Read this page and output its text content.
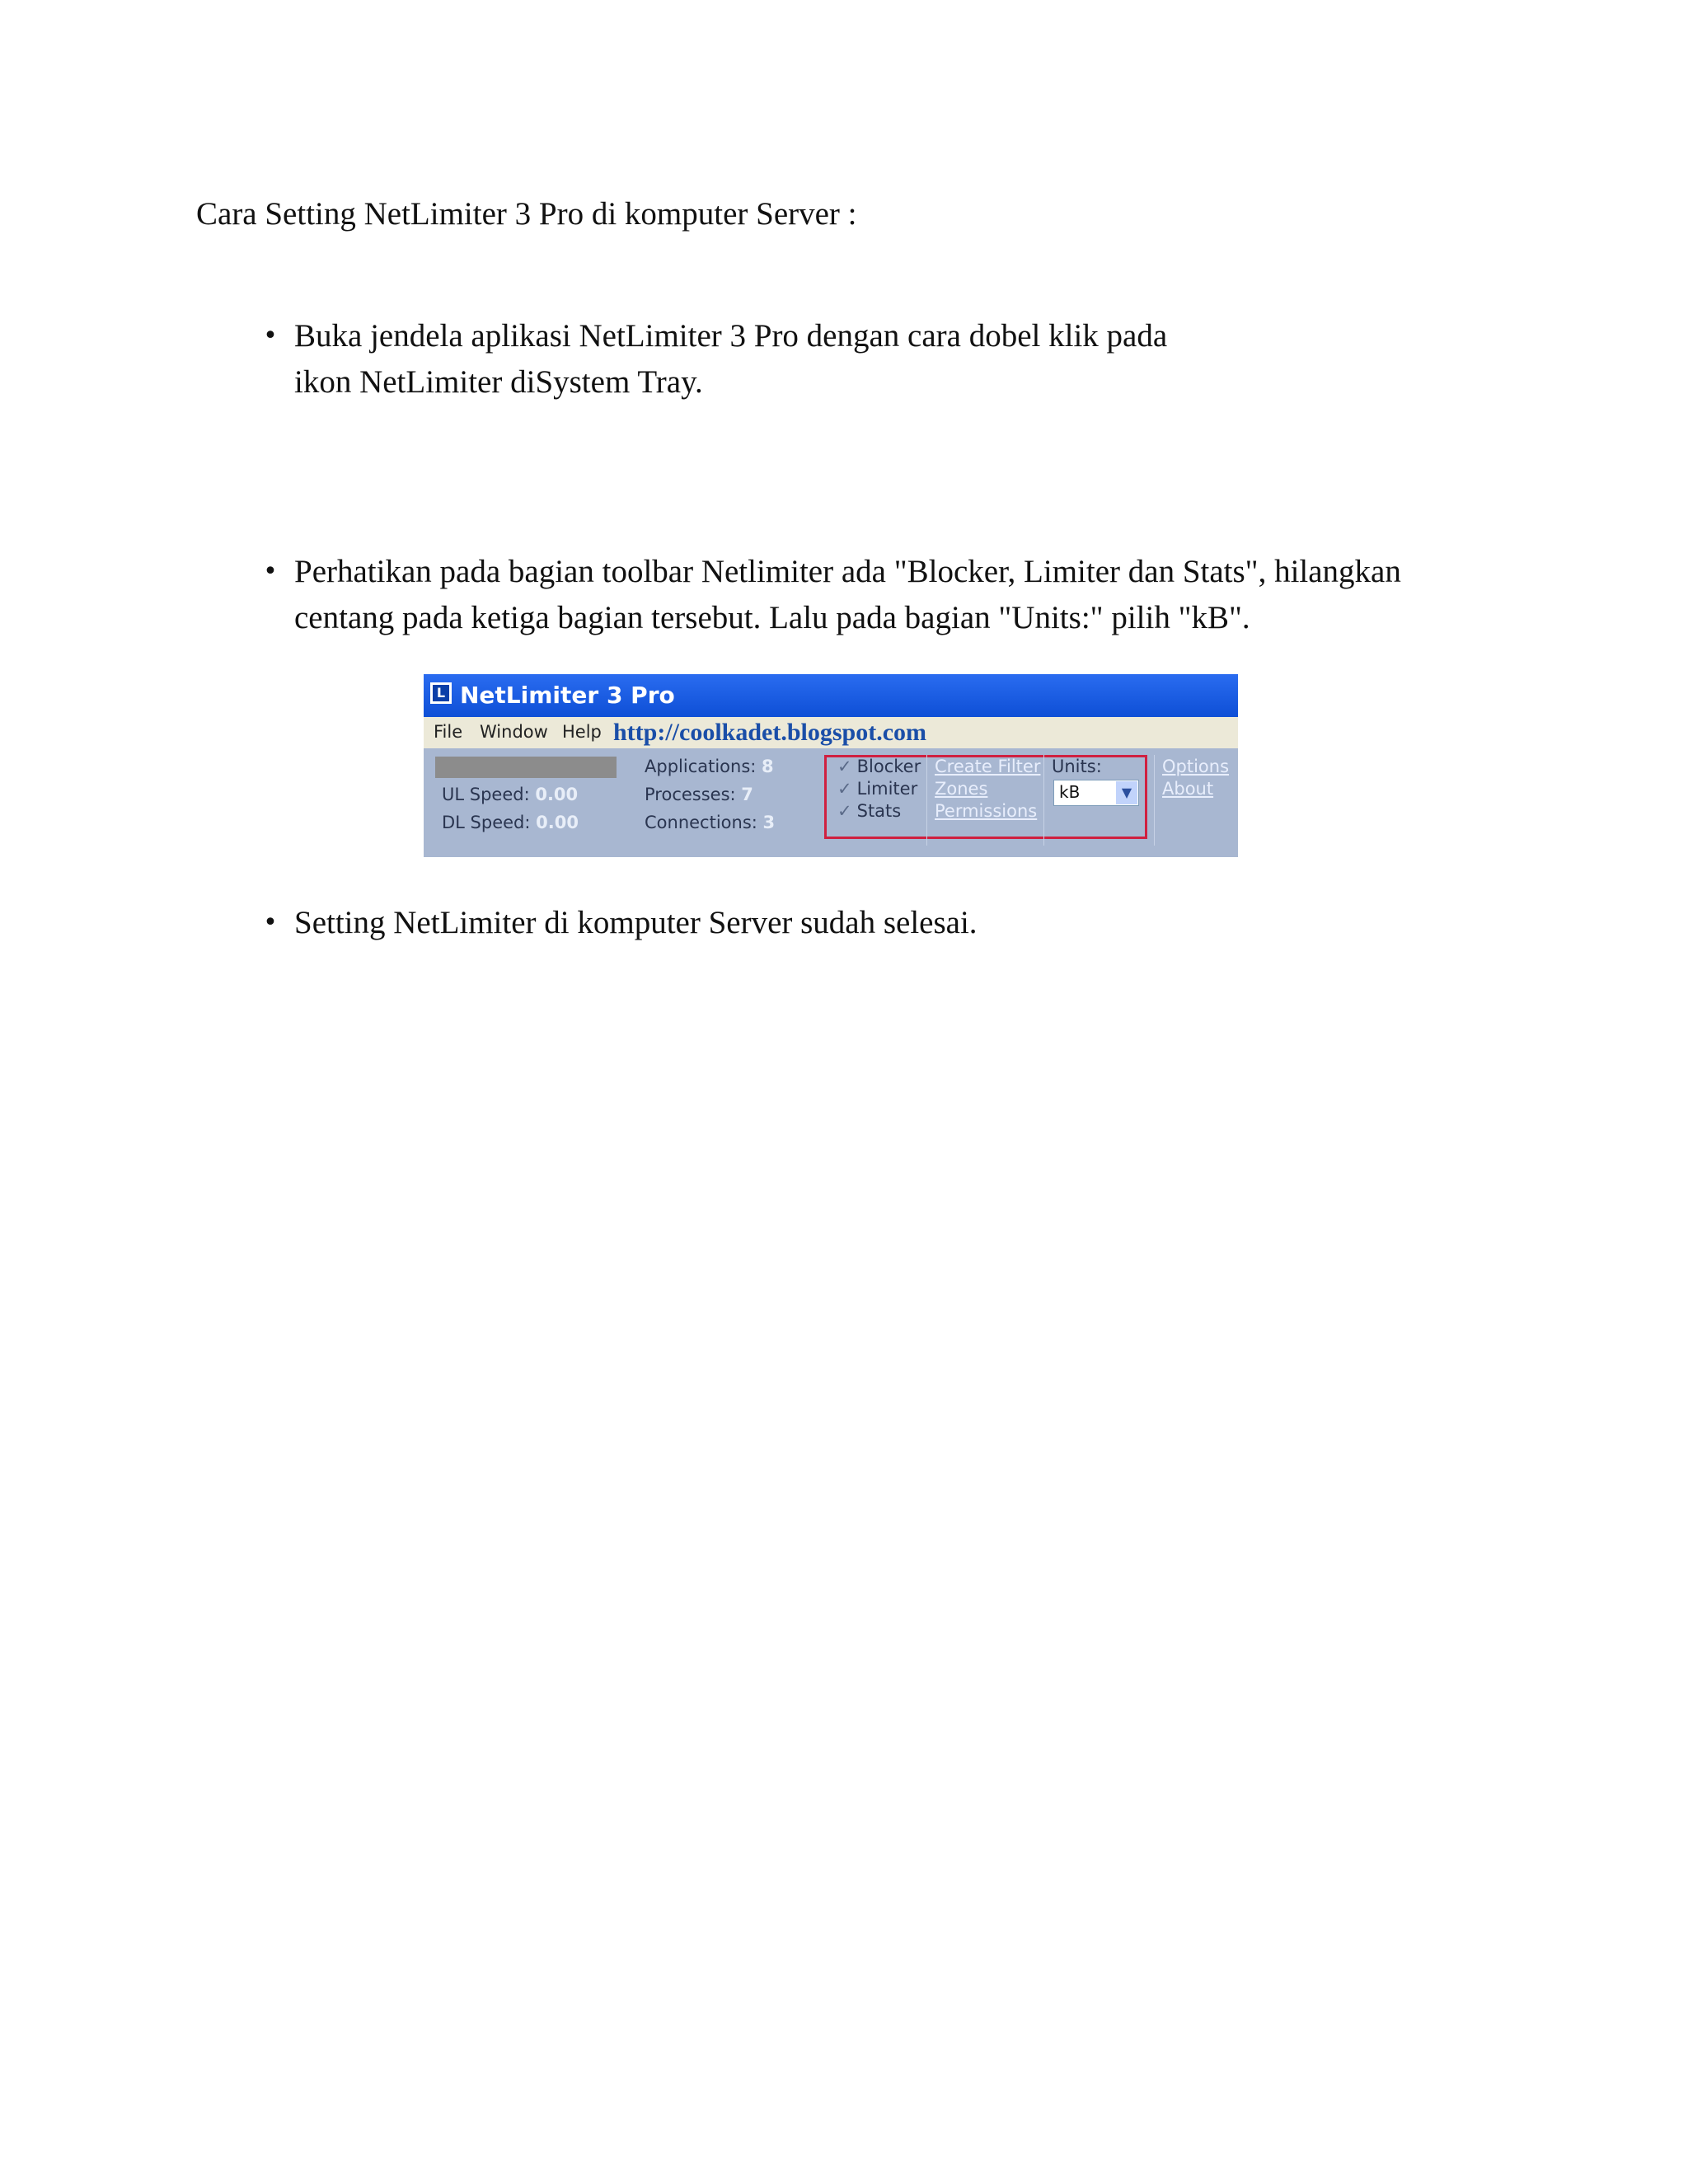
Cara Setting NetLimiter 3 Pro di komputer Server :
• Buka jendela aplikasi NetLimiter 3 Pro dengan cara dobel klik pada
ikon NetLimiter diSystem Tray.
• Perhatikan pada bagian toolbar Netlimiter ada "Blocker, Limiter dan Stats", hilangkan
centang pada ketiga bagian tersebut. Lalu pada bagian "Units:" pilih "kB".
L NetLimiter 3 Pro
File Window Help http://coolkadet.blogspot.com
UL Speed: 0.00
DL Speed: 0.00
Applications: 8
Processes: 7
Connections: 3
✓ Blocker
✓ Limiter
✓ Stats
Create Filter
Zones
Permissions
Units:
kB	▼
Options
About
• Setting NetLimiter di komputer Server sudah selesai.
